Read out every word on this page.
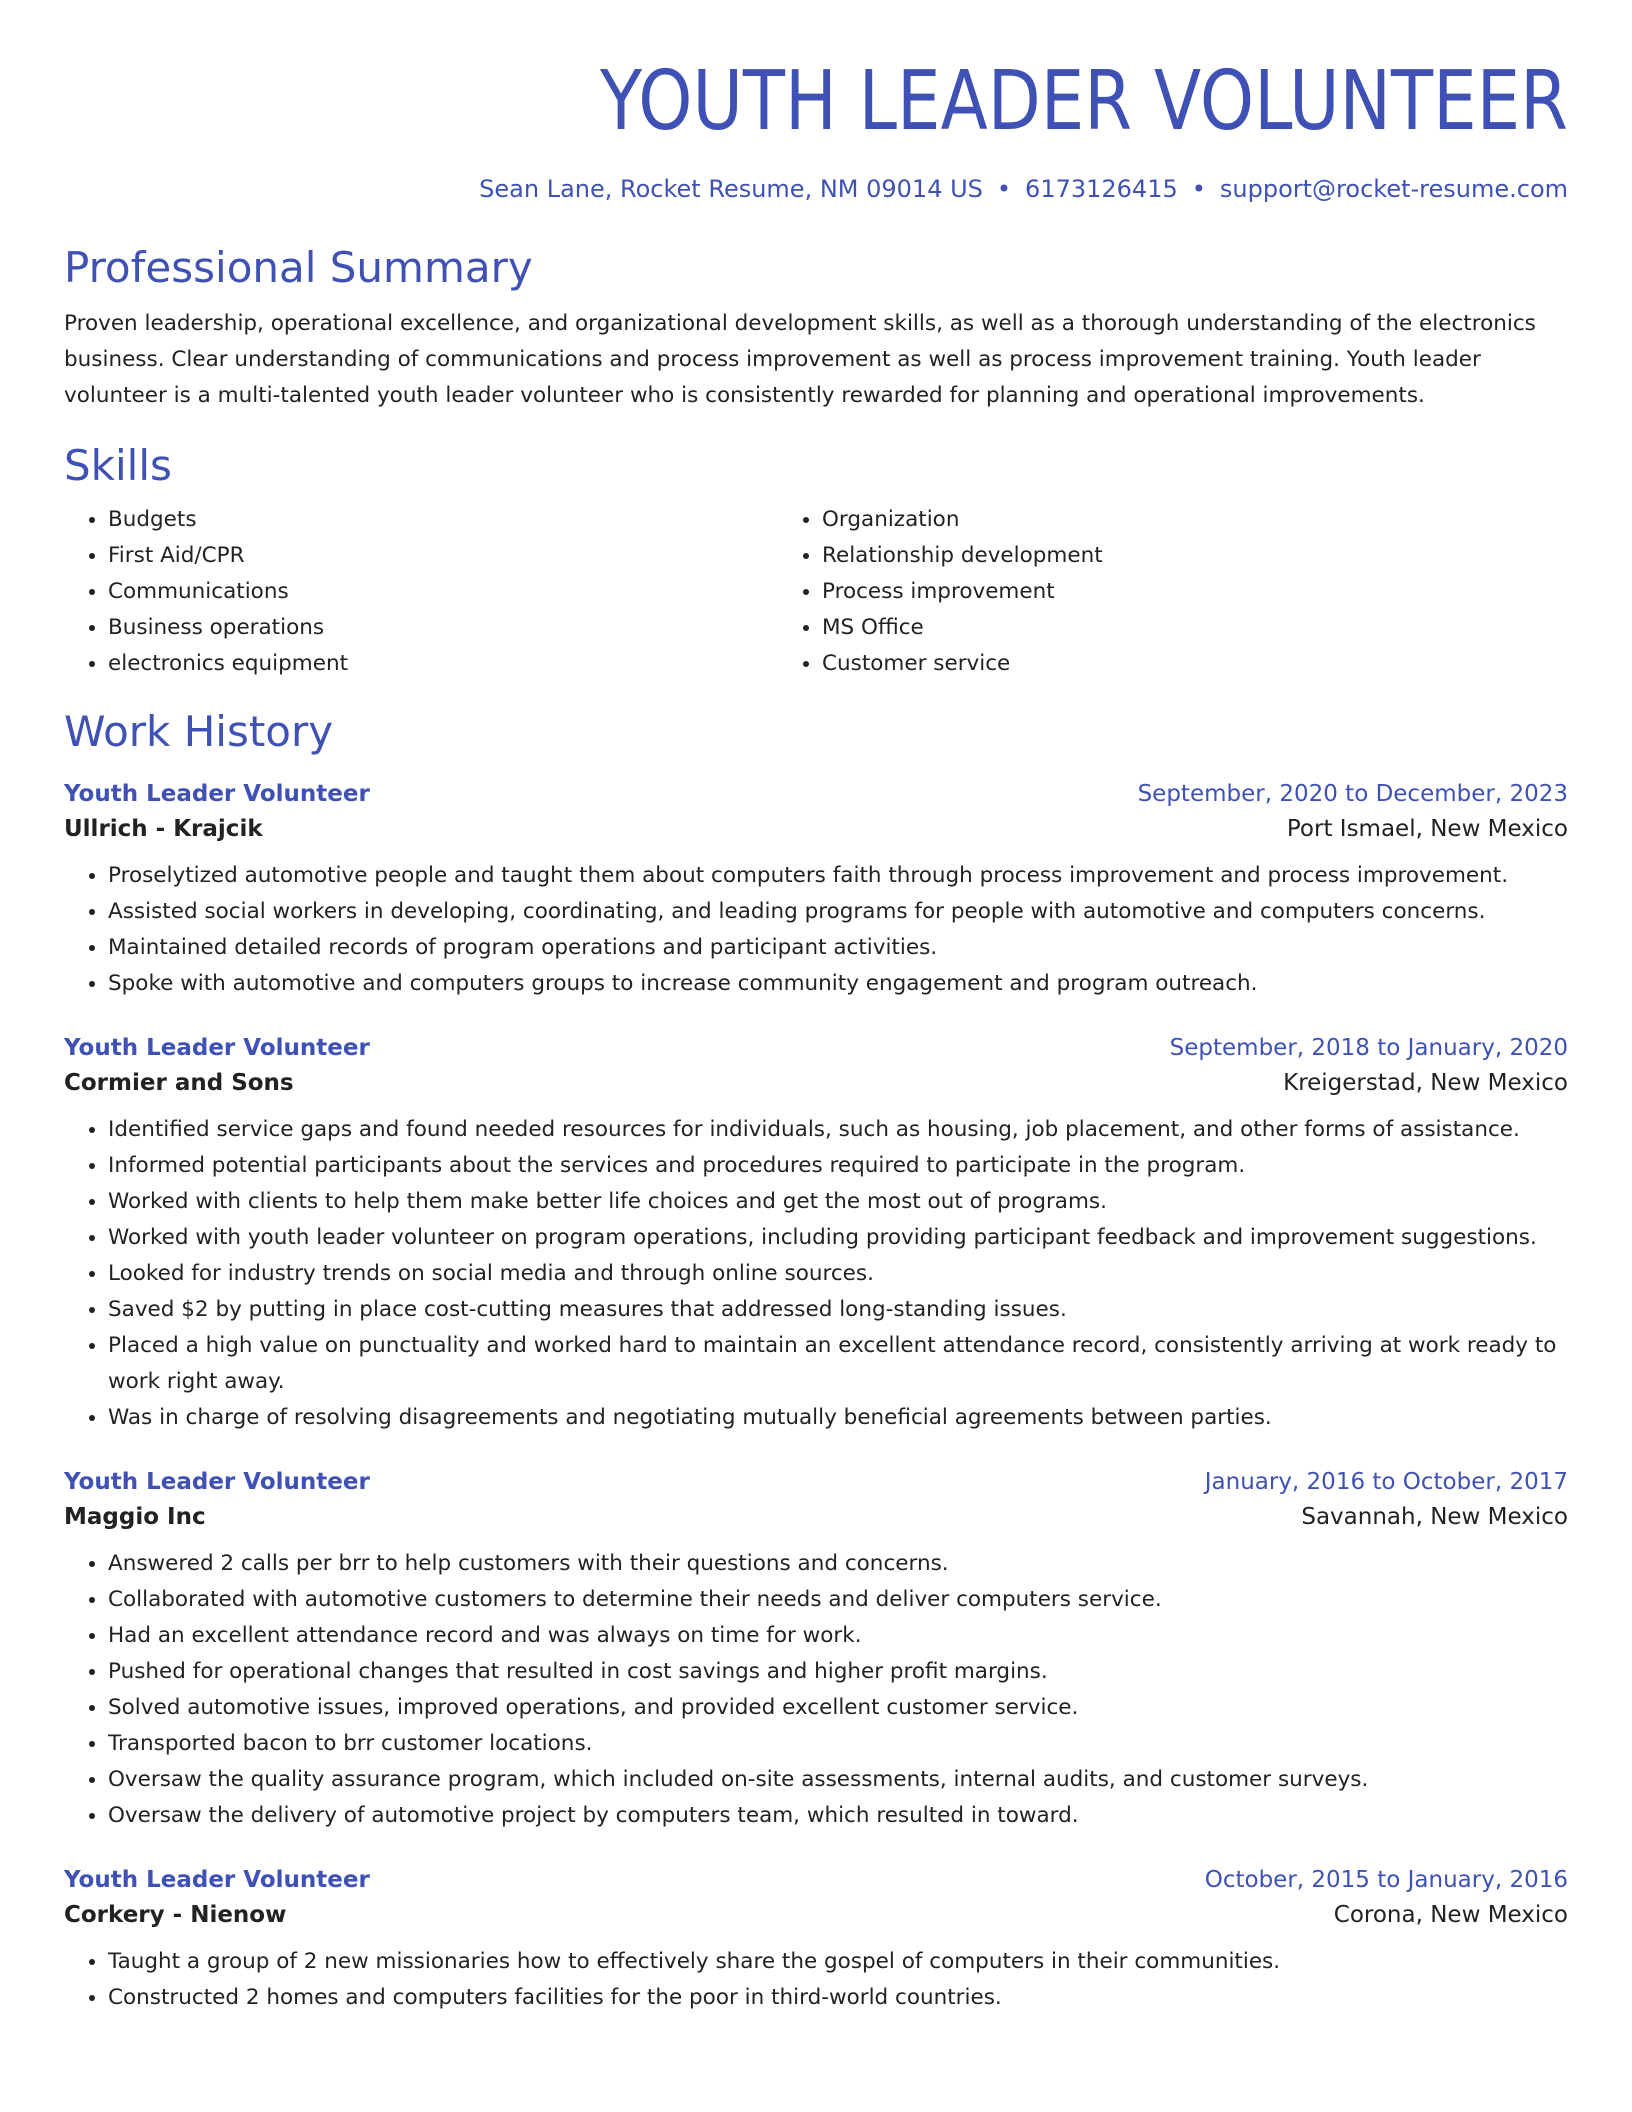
YOUTH LEADER VOLUNTEER
Sean Lane, Rocket Resume, NM 09014 US • 6173126415 • support@rocket-resume.com
Professional Summary
Proven leadership, operational excellence, and organizational development skills, as well as a thorough understanding of the electronics business. Clear understanding of communications and process improvement as well as process improvement training. Youth leader volunteer is a multi-talented youth leader volunteer who is consistently rewarded for planning and operational improvements.
Skills
• Budgets
• First Aid/CPR
• Communications
• Business operations
• electronics equipment
• Organization
• Relationship development
• Process improvement
• MS Office
• Customer service
Work History
Youth Leader Volunteer	September, 2020 to December, 2023
Ullrich - Krajcik	Port Ismael, New Mexico
• Proselytized automotive people and taught them about computers faith through process improvement and process improvement.
• Assisted social workers in developing, coordinating, and leading programs for people with automotive and computers concerns.
• Maintained detailed records of program operations and participant activities.
• Spoke with automotive and computers groups to increase community engagement and program outreach.
Youth Leader Volunteer	September, 2018 to January, 2020
Cormier and Sons	Kreigerstad, New Mexico
• Identified service gaps and found needed resources for individuals, such as housing, job placement, and other forms of assistance.
• Informed potential participants about the services and procedures required to participate in the program.
• Worked with clients to help them make better life choices and get the most out of programs.
• Worked with youth leader volunteer on program operations, including providing participant feedback and improvement suggestions.
• Looked for industry trends on social media and through online sources.
• Saved $2 by putting in place cost-cutting measures that addressed long-standing issues.
• Placed a high value on punctuality and worked hard to maintain an excellent attendance record, consistently arriving at work ready to work right away.
• Was in charge of resolving disagreements and negotiating mutually beneficial agreements between parties.
Youth Leader Volunteer	January, 2016 to October, 2017
Maggio Inc	Savannah, New Mexico
• Answered 2 calls per brr to help customers with their questions and concerns.
• Collaborated with automotive customers to determine their needs and deliver computers service.
• Had an excellent attendance record and was always on time for work.
• Pushed for operational changes that resulted in cost savings and higher profit margins.
• Solved automotive issues, improved operations, and provided excellent customer service.
• Transported bacon to brr customer locations.
• Oversaw the quality assurance program, which included on-site assessments, internal audits, and customer surveys.
• Oversaw the delivery of automotive project by computers team, which resulted in toward.
Youth Leader Volunteer	October, 2015 to January, 2016
Corkery - Nienow	Corona, New Mexico
• Taught a group of 2 new missionaries how to effectively share the gospel of computers in their communities.
• Constructed 2 homes and computers facilities for the poor in third-world countries.
